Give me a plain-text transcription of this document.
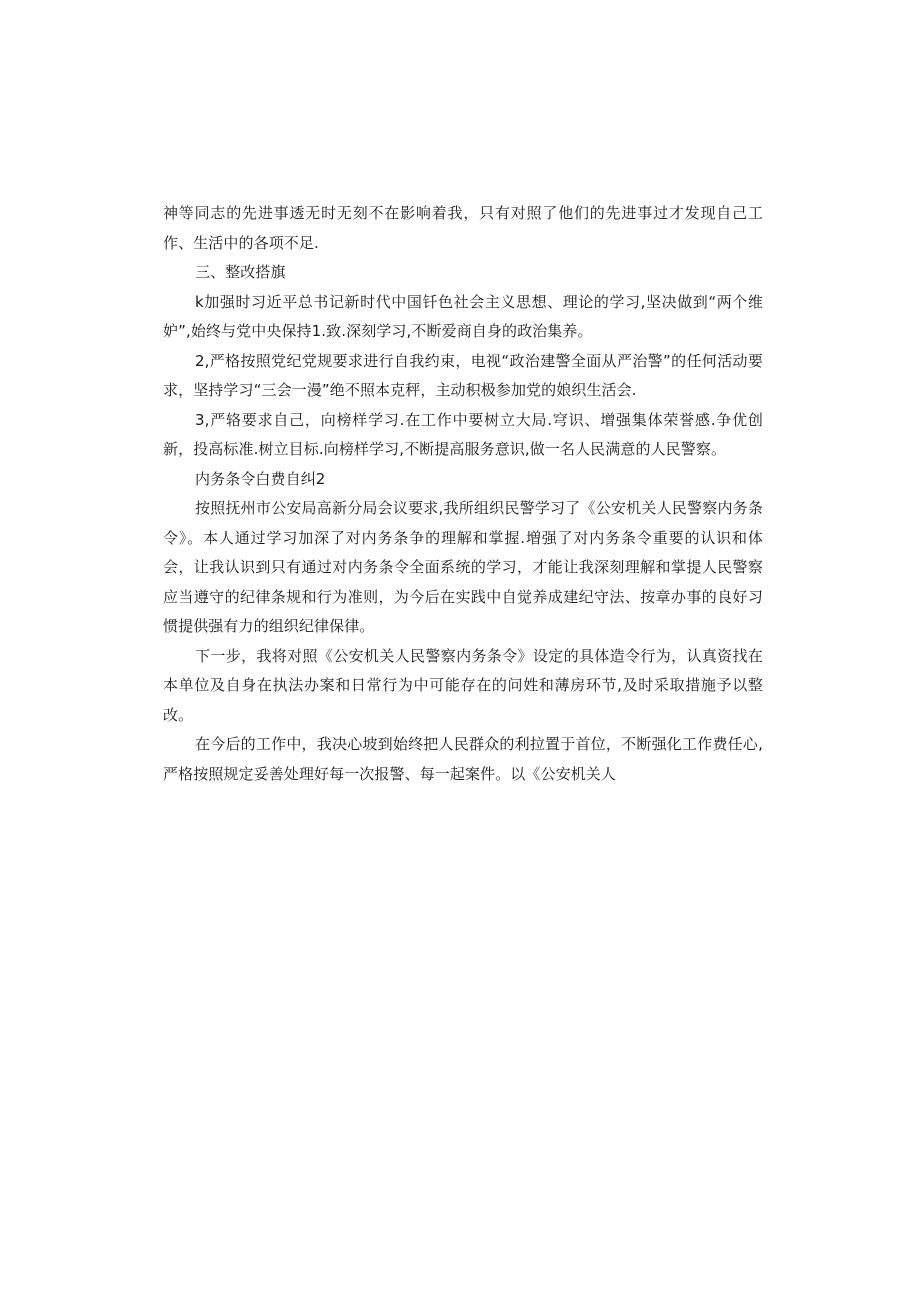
神等同志的先进事透无时无刻不在影响着我，只有对照了他们的先进事过才发现自己工作、生活中的各项不足.

三、整改搭旗

k加强时习近平总书记新时代中国钎色社会主义思想、理论的学习,坚决做到“两个维妒”,始终与党中央保持1.致.深刻学习,不断爱商自身的政治集养。

2,严格按照党纪党规要求进行自我约束，电视“政治建警全面从严治警”的任何活动要求，坚持学习“三会一漫”绝不照本克秤，主动积极参加党的娘织生活会.

3,严辂要求自己，向榜样学习.在工作中要树立大局.穹识、增强集体荣誉感.争优创新，投高标准.树立目标.向榜样学习,不断提高服务意识,做一名人民满意的人民警察。

内务条令白费自纠2

按照抚州市公安局高新分局会议要求,我所组织民警学习了《公安机关人民警察内务条令》。本人通过学习加深了对内务条争的理解和掌握.増强了对内务条令重要的认识和体会，让我认识到只有通过对内务条令全面系统的学习，才能让我深刻理解和掌提人民警察应当遵守的纪律条规和行为准则，为今后在实践中自觉养成建纪守法、按章办事的良好习惯提供强有力的组织纪律保律。

下一步，我将对照《公安机关人民警察内务条令》设定的具体造令行为，认真资找在本单位及自身在执法办案和日常行为中可能存在的问姓和薄房环节,及时采取措施予以整改。

在今后的工作中，我决心坡到始终把人民群众的利拉置于首位，不断强化工作费任心,严格按照规定妥善处理好每一次报警、每一起案件。以《公安机关人
